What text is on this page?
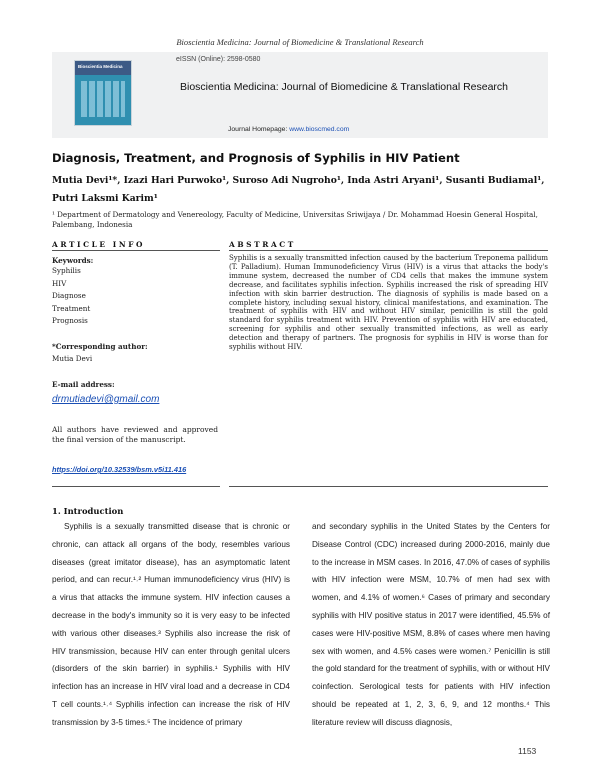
Bioscientia Medicina: Journal of Biomedicine & Translational Research
Bioscientia Medicina
eISSN (Online): 2598-0580
Bioscientia Medicina: Journal of Biomedicine & Translational Research
Journal Homepage: www.bioscmed.com
Diagnosis, Treatment, and Prognosis of Syphilis in HIV Patient
Mutia Devi¹*, Izazi Hari Purwoko¹, Suroso Adi Nugroho¹, Inda Astri Aryani¹, Susanti Budiamal¹,
Putri Laksmi Karim¹
¹ Department of Dermatology and Venereology, Faculty of Medicine, Universitas Sriwijaya / Dr. Mohammad Hoesin General Hospital, Palembang, Indonesia
ARTICLE INFO	ABSTRACT
Keywords:
Syphilis
HIV
Diagnose
Treatment
Prognosis
*Corresponding author:
Mutia Devi
E-mail address:
drmutiadevi@gmail.com
All authors have reviewed and approved the final version of the manuscript.
https://doi.org/10.32539/bsm.v5i11.416
Syphilis is a sexually transmitted infection caused by the bacterium Treponema pallidum (T. Palladium). Human Immunodeficiency Virus (HIV) is a virus that attacks the body's immune system, decreased the number of CD4 cells that makes the immune system decrease, and facilitates syphilis infection. Syphilis increased the risk of spreading HIV infection with skin barrier destruction. The diagnosis of syphilis is made based on a complete history, including sexual history, clinical manifestations, and examination. The treatment of syphilis with HIV and without HIV similar, penicillin is still the gold standard for syphilis treatment with HIV. Prevention of syphilis with HIV are educated, screening for syphilis and other sexually transmitted infections, as well as early detection and therapy of partners. The prognosis for syphilis in HIV is worse than for syphilis without HIV.
1. Introduction

Syphilis is a sexually transmitted disease that is chronic or chronic, can attack all organs of the body, resembles various diseases (great imitator disease), has an asymptomatic latent period, and can recur.¹˒² Human immunodeficiency virus (HIV) is a virus that attacks the immune system. HIV infection causes a decrease in the body's immunity so it is very easy to be infected with various other diseases.³ Syphilis also increase the risk of HIV transmission, because HIV can enter through genital ulcers (disorders of the skin barrier) in syphilis.¹ Syphilis with HIV infection has an increase in HIV viral load and a decrease in CD4 T cell counts.¹˒⁴ Syphilis infection can increase the risk of HIV transmission by 3-5 times.⁵ The incidence of primary

and secondary syphilis in the United States by the Centers for Disease Control (CDC) increased during 2000-2016, mainly due to the increase in MSM cases. In 2016, 47.0% of cases of syphilis with HIV infection were MSM, 10.7% of men had sex with women, and 4.1% of women.⁶ Cases of primary and secondary syphilis with HIV positive status in 2017 were identified, 45.5% of cases were HIV-positive MSM, 8.8% of cases where men having sex with women, and 4.5% cases were women.⁷ Penicillin is still the gold standard for the treatment of syphilis, with or without HIV coinfection. Serological tests for patients with HIV infection should be repeated at 1, 2, 3, 6, 9, and 12 months.⁴ This literature review will discuss diagnosis,

1153
